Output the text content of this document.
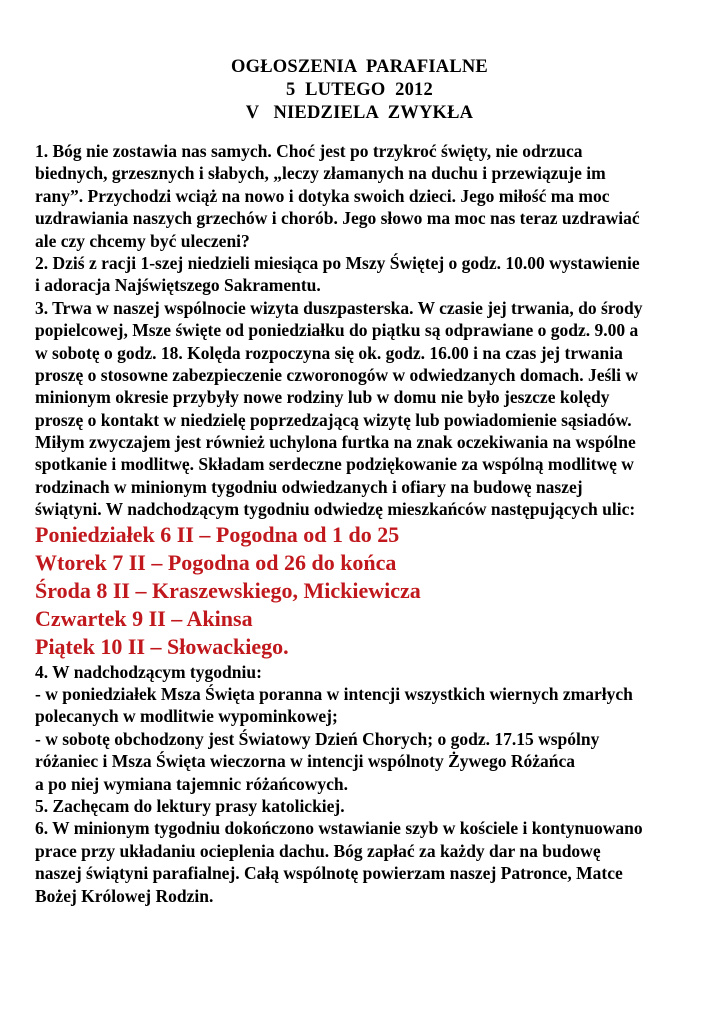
OGŁOSZENIA  PARAFIALNE
5  LUTEGO  2012
V   NIEDZIELA  ZWYKŁA
1. Bóg nie zostawia nas samych. Choć jest po trzykroć święty, nie odrzuca
biednych, grzesznych i słabych, „leczy złamanych na duchu i przewiązuje im
rany”. Przychodzi wciąż na nowo i dotyka swoich dzieci. Jego miłość ma moc
uzdrawiania naszych grzechów i chorób. Jego słowo ma moc nas teraz uzdrawiać
ale czy chcemy być uleczeni?
2. Dziś z racji 1-szej niedzieli miesiąca po Mszy Świętej o godz. 10.00 wystawienie
i adoracja Najświętszego Sakramentu.
3. Trwa w naszej wspólnocie wizyta duszpasterska. W czasie jej trwania, do środy
popielcowej, Msze święte od poniedziałku do piątku są odprawiane o godz. 9.00 a
w sobotę o godz. 18. Kolęda rozpoczyna się ok. godz. 16.00 i na czas jej trwania
proszę o stosowne zabezpieczenie czworonogów w odwiedzanych domach. Jeśli w
minionym okresie przybyły nowe rodziny lub w domu nie było jeszcze kolędy
proszę o kontakt w niedzielę poprzedzającą wizytę lub powiadomienie sąsiadów.
Miłym zwyczajem jest również uchylona furtka na znak oczekiwania na wspólne
spotkanie i modlitwę. Składam serdeczne podziękowanie za wspólną modlitwę w
rodzinach w minionym tygodniu odwiedzanych i ofiary na budowę naszej
świątyni. W nadchodzącym tygodniu odwiedzę mieszkańców następujących ulic:
Poniedziałek 6 II – Pogodna od 1 do 25
Wtorek 7 II – Pogodna od 26 do końca
Środa 8 II – Kraszewskiego, Mickiewicza
Czwartek 9 II – Akinsa
Piątek 10 II – Słowackiego.
4. W nadchodzącym tygodniu:
- w poniedziałek Msza Święta poranna w intencji wszystkich wiernych zmarłych
polecanych w modlitwie wypominkowej;
- w sobotę obchodzony jest Światowy Dzień Chorych; o godz. 17.15 wspólny
różaniec i Msza Święta wieczorna w intencji wspólnoty Żywego Różańca
a po niej wymiana tajemnic różańcowych.
5. Zachęcam do lektury prasy katolickiej.
6. W minionym tygodniu dokończono wstawianie szyb w kościele i kontynuowano
prace przy układaniu ocieplenia dachu. Bóg zapłać za każdy dar na budowę
naszej świątyni parafialnej. Całą wspólnotę powierzam naszej Patronce, Matce
Bożej Królowej Rodzin.
